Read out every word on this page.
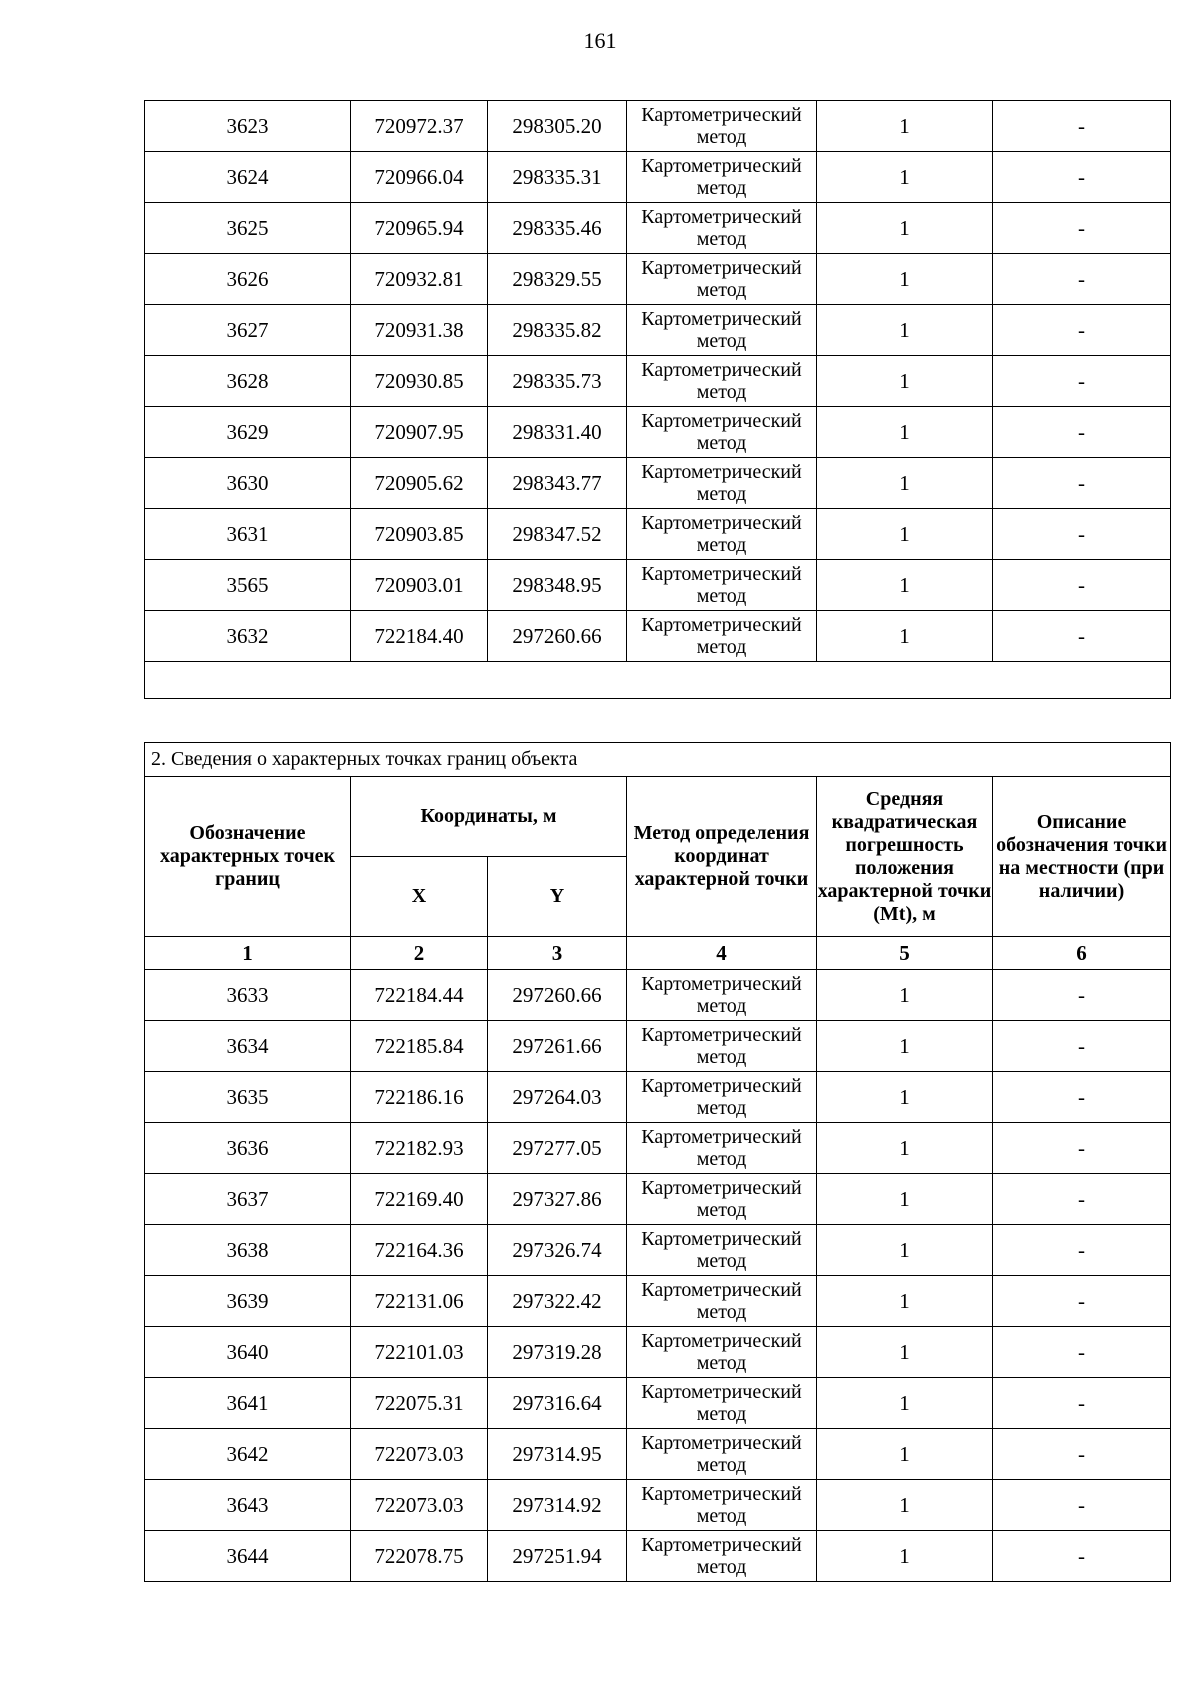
161
3623	720972.37	298305.20	Картометрический метод	1	-
3624	720966.04	298335.31	Картометрический метод	1	-
3625	720965.94	298335.46	Картометрический метод	1	-
3626	720932.81	298329.55	Картометрический метод	1	-
3627	720931.38	298335.82	Картометрический метод	1	-
3628	720930.85	298335.73	Картометрический метод	1	-
3629	720907.95	298331.40	Картометрический метод	1	-
3630	720905.62	298343.77	Картометрический метод	1	-
3631	720903.85	298347.52	Картометрический метод	1	-
3565	720903.01	298348.95	Картометрический метод	1	-
3632	722184.40	297260.66	Картометрический метод	1	-

2. Сведения о характерных точках границ объекта					
Обозначение характерных точек границ	Координаты, м		Метод определения координат характерной точки	Средняя квадратическая погрешность положения характерной точки (Mt), м	Описание обозначения точки на местности (при наличии)
	X	Y			
1	2	3	4	5	6
3633	722184.44	297260.66	Картометрический метод	1	-
3634	722185.84	297261.66	Картометрический метод	1	-
3635	722186.16	297264.03	Картометрический метод	1	-
3636	722182.93	297277.05	Картометрический метод	1	-
3637	722169.40	297327.86	Картометрический метод	1	-
3638	722164.36	297326.74	Картометрический метод	1	-
3639	722131.06	297322.42	Картометрический метод	1	-
3640	722101.03	297319.28	Картометрический метод	1	-
3641	722075.31	297316.64	Картометрический метод	1	-
3642	722073.03	297314.95	Картометрический метод	1	-
3643	722073.03	297314.92	Картометрический метод	1	-
3644	722078.75	297251.94	Картометрический метод	1	-
